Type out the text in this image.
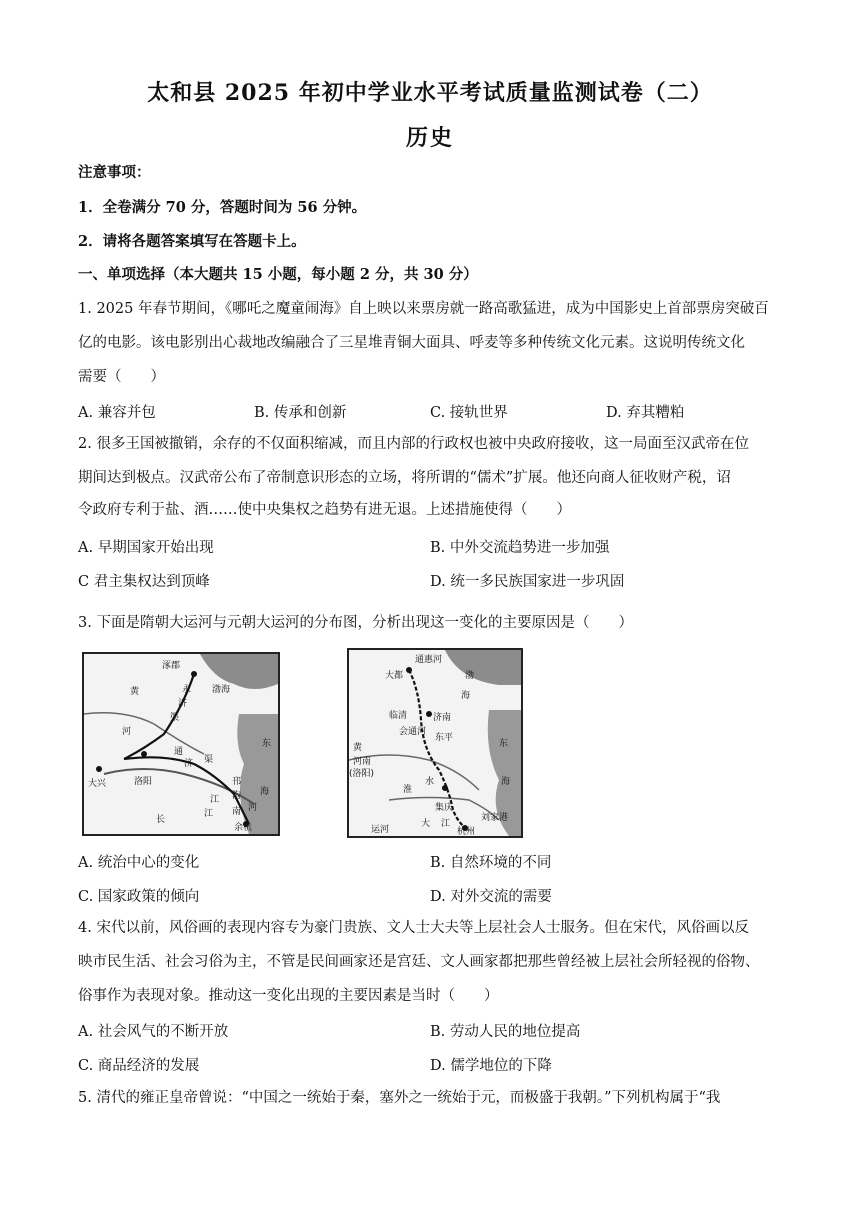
太和县 2025 年初中学业水平考试质量监测试卷（二）
历史
注意事项：
1．全卷满分 70 分，答题时间为 56 分钟。
2．请将各题答案填写在答题卡上。
一、单项选择（本大题共 15 小题，每小题 2 分，共 30 分）
1. 2025 年春节期间，《哪吒之魔童闹海》自上映以来票房就一路高歌猛进，成为中国影史上首部票房突破百
亿的电影。该电影别出心裁地改编融合了三星堆青铜大面具、呼麦等多种传统文化元素。这说明传统文化
需要（　　）
A. 兼容并包	B. 传承和创新	C. 接轨世界	D. 弃其糟粕
2. 很多王国被撤销，余存的不仅面积缩减，而且内部的行政权也被中央政府接收，这一局面至汉武帝在位
期间达到极点。汉武帝公布了帝制意识形态的立场，将所谓的“儒术”扩展。他还向商人征收财产税，诏
令政府专利于盐、酒……使中央集权之趋势有进无退。上述措施使得（　　）
A. 早期国家开始出现	B. 中外交流趋势进一步加强
C 君主集权达到顶峰	D. 统一多民族国家进一步巩固
3. 下面是隋朝大运河与元朝大运河的分布图，分析出现这一变化的主要原因是（　　）
涿郡
渤海
黄
河
永
济
渠
洛阳
大兴
通
济 渠
东
海
邗
沟
江
南 河
长
江
余杭
大都
通惠河
渤
海
临清	济南
会通河
东平
黄
河南
(洛阳)
东
海
淮
水
集庆
大 江
杭州
刘家港
运河
A. 统治中心的变化	B. 自然环境的不同
C. 国家政策的倾向	D. 对外交流的需要
4. 宋代以前，风俗画的表现内容专为豪门贵族、文人士大夫等上层社会人士服务。但在宋代，风俗画以反
映市民生活、社会习俗为主，不管是民间画家还是宫廷、文人画家都把那些曾经被上层社会所轻视的俗物、
俗事作为表现对象。推动这一变化出现的主要因素是当时（　　）
A. 社会风气的不断开放	B. 劳动人民的地位提高
C. 商品经济的发展	D. 儒学地位的下降
5. 清代的雍正皇帝曾说：“中国之一统始于秦，塞外之一统始于元，而极盛于我朝。”下列机构属于“我
